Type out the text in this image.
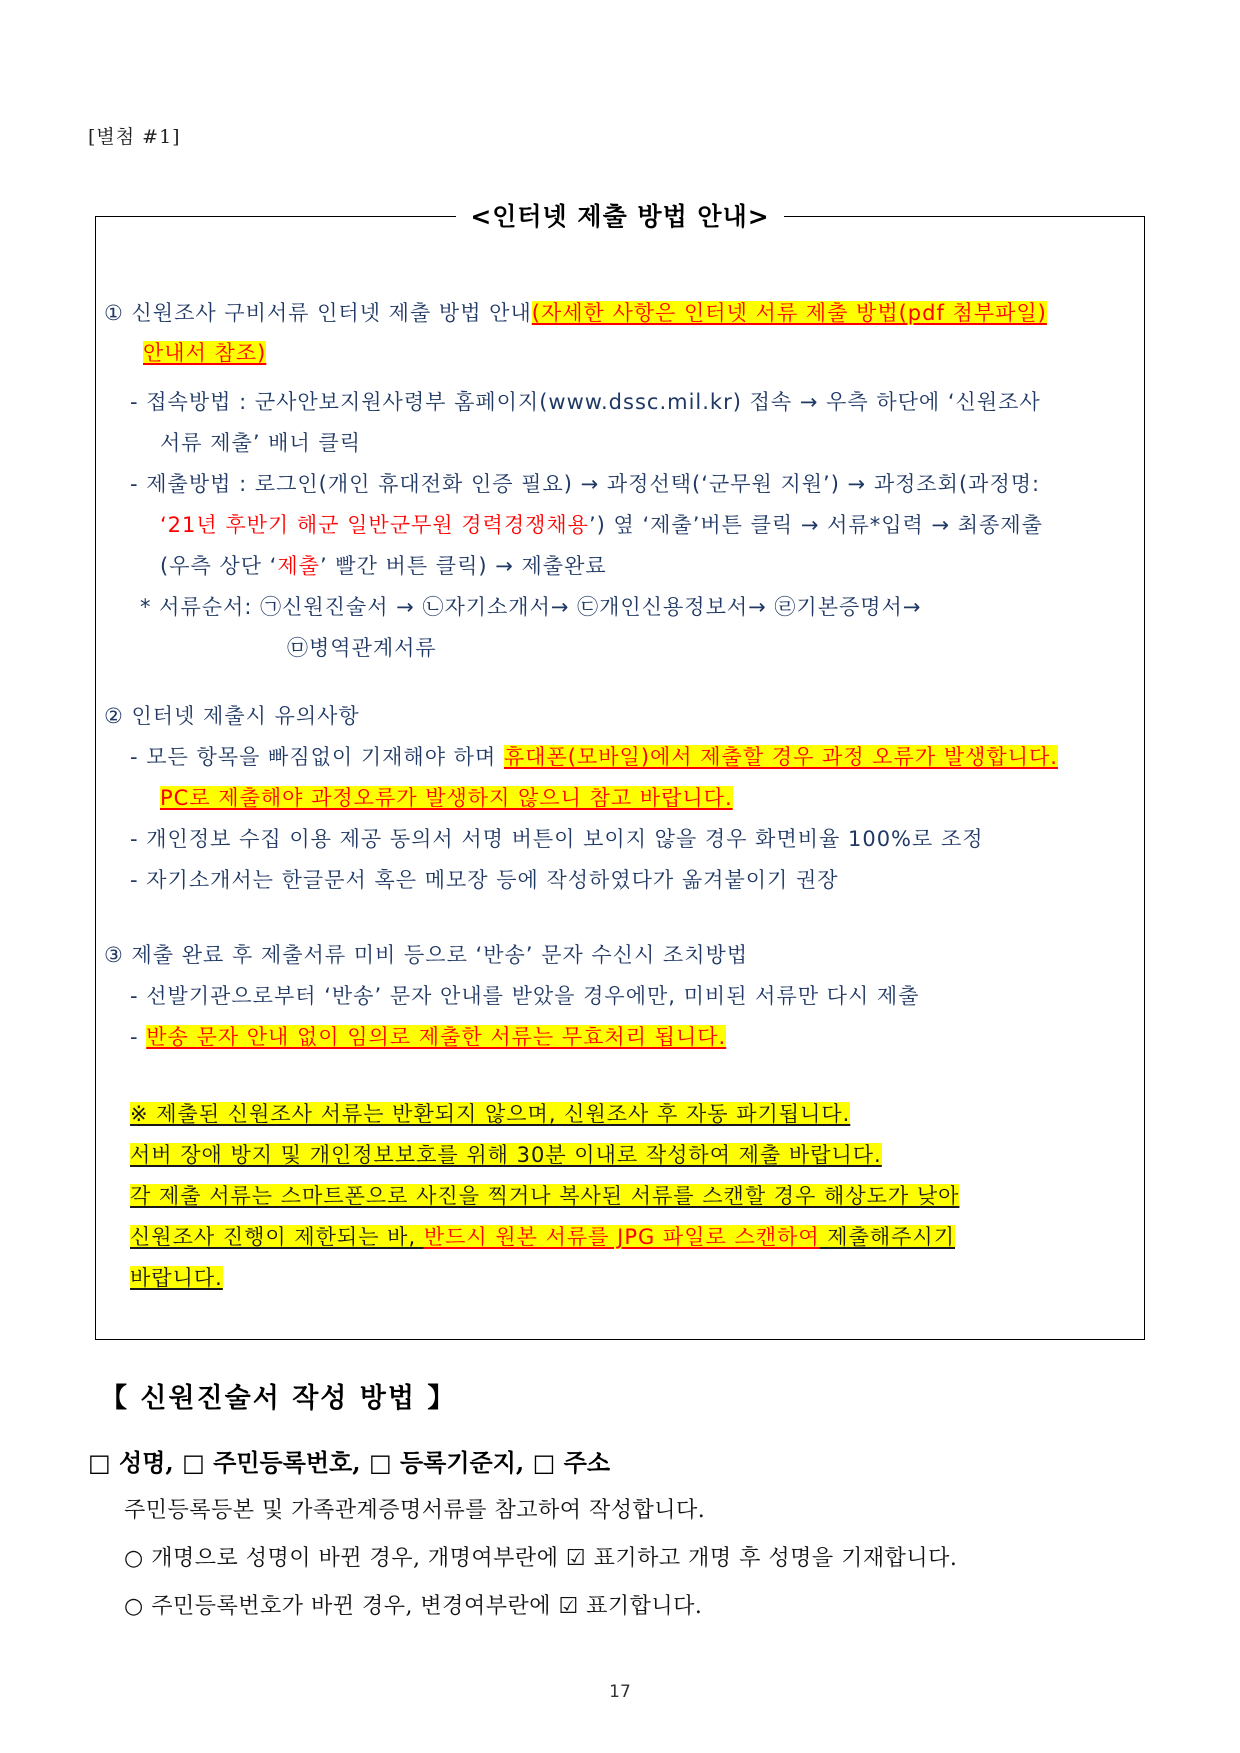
[별첨 #1]
<인터넷 제출 방법 안내>
① 신원조사 구비서류 인터넷 제출 방법 안내(자세한 사항은 인터넷 서류 제출 방법(pdf 첨부파일)
안내서 참조)
- 접속방법 : 군사안보지원사령부 홈페이지(www.dssc.mil.kr) 접속 → 우측 하단에 ‘신원조사
서류 제출’ 배너 클릭
- 제출방법 : 로그인(개인 휴대전화 인증 필요) → 과정선택(‘군무원 지원’) → 과정조회(과정명:
‘21년 후반기 해군 일반군무원 경력경쟁채용’) 옆 ‘제출’버튼 클릭 → 서류*입력 → 최종제출
(우측 상단 ‘제출’ 빨간 버튼 클릭) → 제출완료
* 서류순서: ㉠신원진술서 → ㉡자기소개서→ ㉢개인신용정보서→ ㉣기본증명서→
㉤병역관계서류
② 인터넷 제출시 유의사항
- 모든 항목을 빠짐없이 기재해야 하며 휴대폰(모바일)에서 제출할 경우 과정 오류가 발생합니다.
PC로 제출해야 과정오류가 발생하지 않으니 참고 바랍니다.
- 개인정보 수집 이용 제공 동의서 서명 버튼이 보이지 않을 경우 화면비율 100%로 조정
- 자기소개서는 한글문서 혹은 메모장 등에 작성하였다가 옮겨붙이기 권장
③ 제출 완료 후 제출서류 미비 등으로 ‘반송’ 문자 수신시 조치방법
- 선발기관으로부터 ‘반송’ 문자 안내를 받았을 경우에만, 미비된 서류만 다시 제출
- 반송 문자 안내 없이 임의로 제출한 서류는 무효처리 됩니다.
※ 제출된 신원조사 서류는 반환되지 않으며, 신원조사 후 자동 파기됩니다.
서버 장애 방지 및 개인정보보호를 위해 30분 이내로 작성하여 제출 바랍니다.
각 제출 서류는 스마트폰으로 사진을 찍거나 복사된 서류를 스캔할 경우 해상도가 낮아
신원조사 진행이 제한되는 바, 반드시 원본 서류를 JPG 파일로 스캔하여 제출해주시기
바랍니다.
【 신원진술서 작성 방법 】
□ 성명, □ 주민등록번호, □ 등록기준지, □ 주소
주민등록등본 및 가족관계증명서류를 참고하여 작성합니다.
○ 개명으로 성명이 바뀐 경우, 개명여부란에 ☑ 표기하고 개명 후 성명을 기재합니다.
○ 주민등록번호가 바뀐 경우, 변경여부란에 ☑ 표기합니다.
17
